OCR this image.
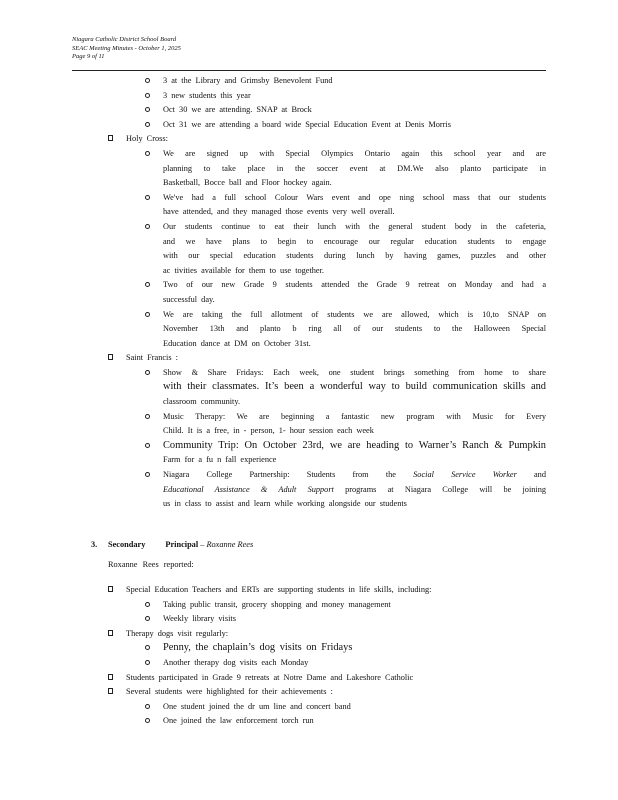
Niagara Catholic District School Board
SEAC Meeting Minutes - October 1, 2025
Page 9 of 11
3 at the Library and Grimsby Benevolent Fund
3 new students this year
Oct 30 we are attending. SNAP at Brock
Oct 31 we are attending a board wide Special Education Event at Denis Morris
Holy Cross:
We are signed up with Special Olympics Ontario again this school year and are
planning to take place in the soccer event at DM.We also planto participate in
Basketball, Bocce ball and Floor hockey again.
We've had a full school Colour Wars event and ope ning school mass that our students
have attended, and they managed those events very well overall.
Our students continue to eat their lunch with the general student body in the cafeteria,
and we have plans to begin to encourage our regular education students to engage
with our special education students during lunch by having games, puzzles and other
ac tivities available for them to use together.
Two of our new Grade 9 students attended the Grade 9 retreat on Monday and had a
successful day.
We are taking the full allotment of students we are allowed, which is 10,to SNAP on
November 13th and planto b ring all of our students to the Halloween Special
Education dance at DM on October 31st.
Saint Francis :
Show & Share Fridays: Each week, one student brings something from home to share
with their classmates. It’s been a wonderful way to build communication skills and
classroom community.
Music Therapy: We are beginning a fantastic new program with Music for Every
Child. It is a free, in - person, 1- hour session each week
Community Trip: On October 23rd, we are heading to Warner’s Ranch & Pumpkin
Farm for a fu n fall experience
Niagara College Partnership: Students from the Social Service Worker and
Educational Assistance & Adult Support programs at Niagara College will be joining
us in class to assist and learn while working alongside our students
3. Secondary Principal – Roxanne Rees
Roxanne Rees reported:
Special Education Teachers and ERTs are supporting students in life skills, including:
Taking public transit, grocery shopping and money management
Weekly library visits
Therapy dogs visit regularly:
Penny, the chaplain’s dog visits on Fridays
Another therapy dog visits each Monday
Students participated in Grade 9 retreats at Notre Dame and Lakeshore Catholic
Several students were highlighted for their achievements :
One student joined the dr um line and concert band
One joined the law enforcement torch run
